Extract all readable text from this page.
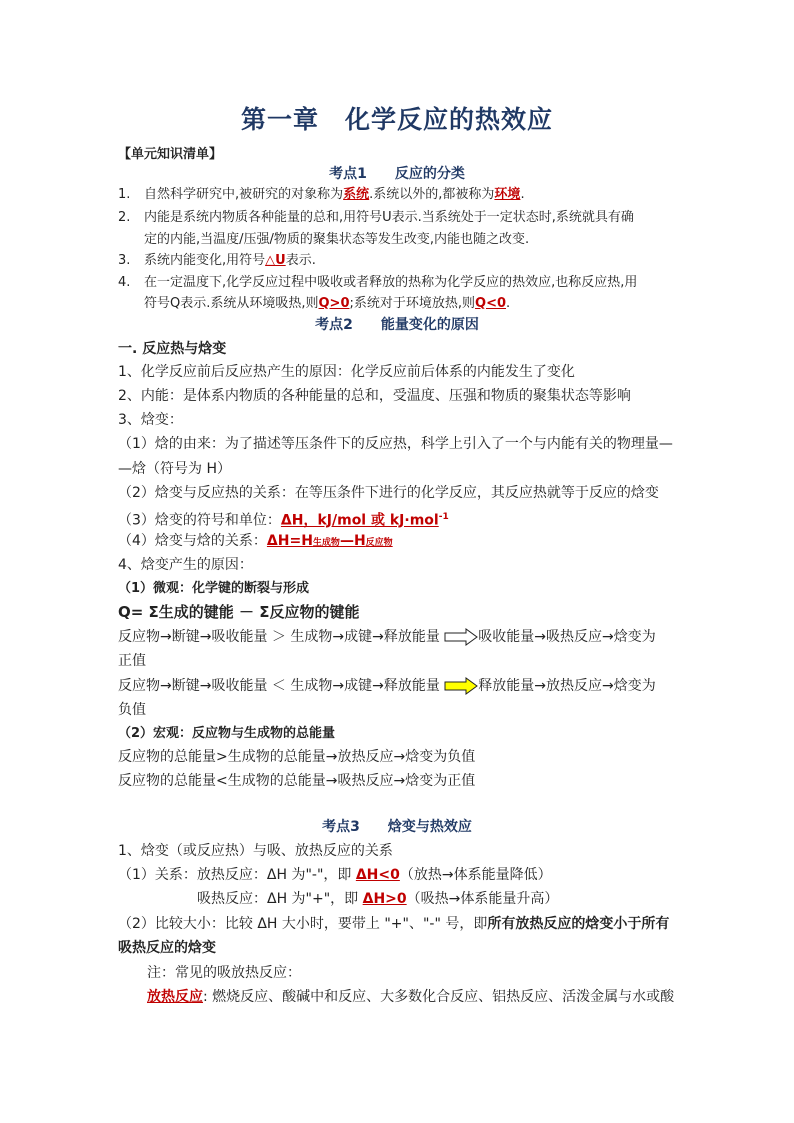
第一章　化学反应的热效应
【单元知识清单】
考点1　　反应的分类
1. 自然科学研究中,被研究的对象称为系统.系统以外的,都被称为环境.
2. 内能是系统内物质各种能量的总和,用符号U表示.当系统处于一定状态时,系统就具有确
定的内能,当温度/压强/物质的聚集状态等发生改变,内能也随之改变.
3. 系统内能变化,用符号△U表示.
4. 在一定温度下,化学反应过程中吸收或者释放的热称为化学反应的热效应,也称反应热,用
符号Q表示.系统从环境吸热,则Q>0;系统对于环境放热,则Q<0.
考点2　　能量变化的原因
一. 反应热与焓变
1、化学反应前后反应热产生的原因：化学反应前后体系的内能发生了变化
2、内能：是体系内物质的各种能量的总和，受温度、压强和物质的聚集状态等影响
3、焓变：
（1）焓的由来：为了描述等压条件下的反应热，科学上引入了一个与内能有关的物理量—
—焓（符号为 H）
（2）焓变与反应热的关系：在等压条件下进行的化学反应，其反应热就等于反应的焓变
（3）焓变的符号和单位：ΔH，kJ/mol 或 kJ·mol$^{-1}$
（4）焓变与焓的关系：ΔH=H生成物—H反应物
4、焓变产生的原因：
（1）微观：化学键的断裂与形成
Q= Σ生成的键能 － Σ反应物的键能
反应物→断键→吸收能量 ＞ 生成物→成键→释放能量	吸收能量→吸热反应→焓变为
正值
反应物→断键→吸收能量 ＜ 生成物→成键→释放能量	释放能量→放热反应→焓变为
负值
（2）宏观：反应物与生成物的总能量
反应物的总能量>生成物的总能量→放热反应→焓变为负值
反应物的总能量<生成物的总能量→吸热反应→焓变为正值
考点3　　焓变与热效应
1、焓变（或反应热）与吸、放热反应的关系
（1）关系：放热反应：ΔH 为"-"，即 ΔH<0（放热→体系能量降低）
吸热反应：ΔH 为"+"，即 ΔH>0（吸热→体系能量升高）
（2）比较大小：比较 ΔH 大小时，要带上 "+"、"-" 号，即所有放热反应的焓变小于所有
吸热反应的焓变
注：常见的吸放热反应：
放热反应: 燃烧反应、酸碱中和反应、大多数化合反应、铝热反应、活泼金属与水或酸
